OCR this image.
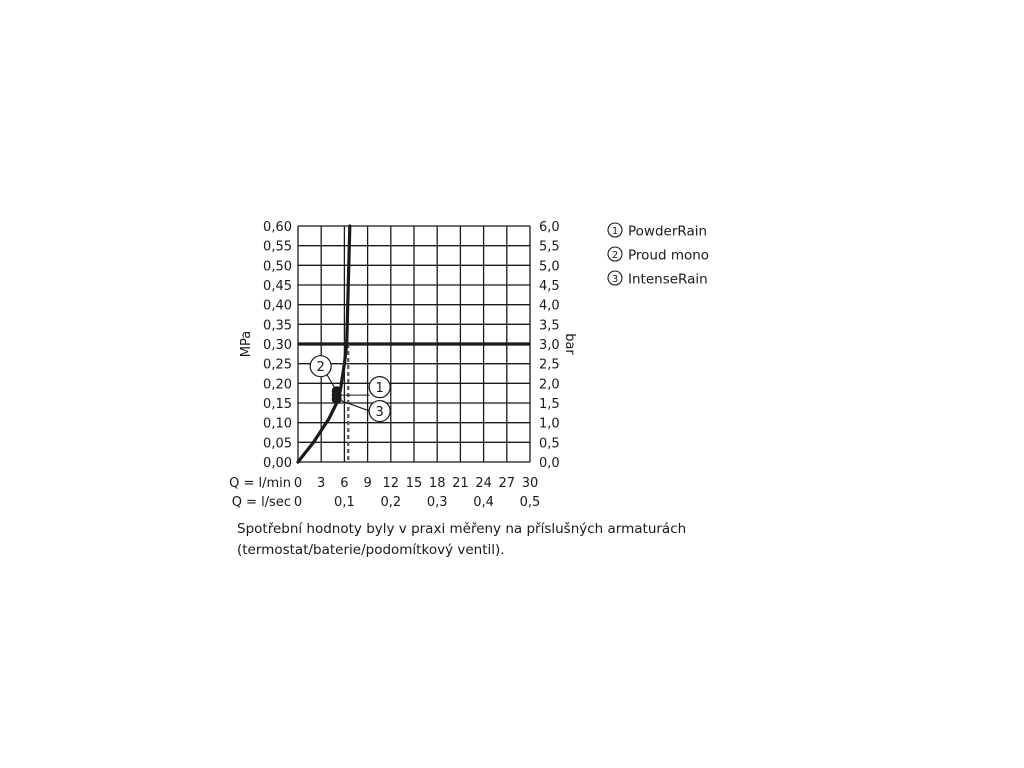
1
2
3
0,00
0,05
0,10
0,15
0,20
0,25
0,30
0,35
0,40
0,45
0,50
0,55
0,60
0,0
0,5
1,0
1,5
2,0
2,5
3,0
3,5
4,0
4,5
5,0
5,5
6,0
MPa	bar
Q = l/min 0 3 6 9 12 15 18 21 24 27 30
Q = l/sec 0 0,1 0,2 0,3 0,4 0,5
1 PowderRain
2 Proud mono
3 IntenseRain
Spotřební hodnoty byly v praxi měřeny na příslušných armaturách (termostat/baterie/podomítkový ventil).
